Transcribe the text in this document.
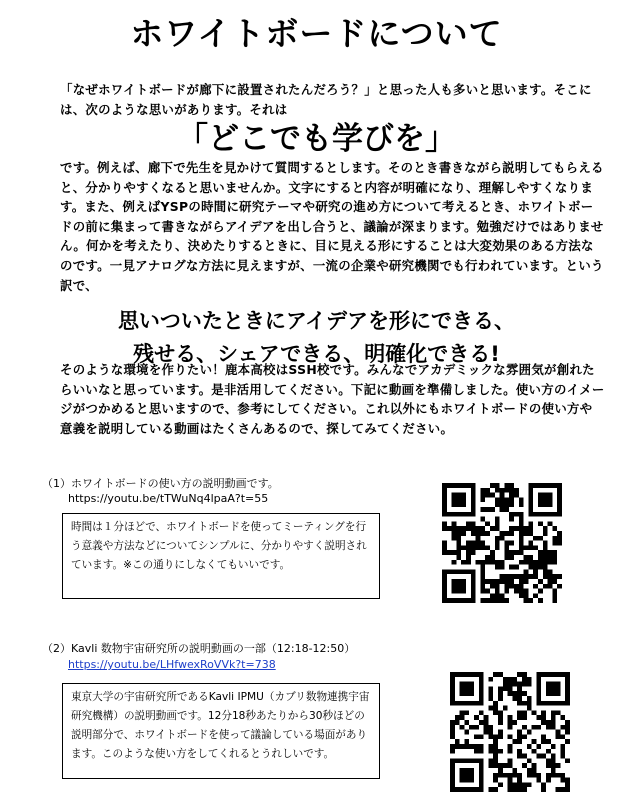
ホワイトボードについて
「なぜホワイトボードが廊下に設置されたんだろう？」と思った人も多いと思います。そこには、次のような思いがあります。それは
「どこでも学びを」
です。例えば、廊下で先生を見かけて質問するとします。そのとき書きながら説明してもらえると、分かりやすくなると思いませんか。文字にすると内容が明確になり、理解しやすくなります。また、例えばYSPの時間に研究テーマや研究の進め方について考えるとき、ホワイトボードの前に集まって書きながらアイデアを出し合うと、議論が深まります。勉強だけではありません。何かを考えたり、決めたりするときに、目に見える形にすることは大変効果のある方法なのです。一見アナログな方法に見えますが、一流の企業や研究機関でも行われています。という訳で、
思いついたときにアイデアを形にできる、
残せる、シェアできる、明確化できる!
そのような環境を作りたい！鹿本高校はSSH校です。みんなでアカデミックな雰囲気が創れたらいいなと思っています。是非活用してください。下記に動画を準備しました。使い方のイメージがつかめると思いますので、参考にしてください。これ以外にもホワイトボードの使い方や意義を説明している動画はたくさんあるので、探してみてください。
（1）ホワイトボードの使い方の説明動画です。
https://youtu.be/tTWuNq4lpaA?t=55
時間は１分ほどで、ホワイトボードを使ってミーティングを行う意義や方法などについてシンプルに、分かりやすく説明されています。※この通りにしなくてもいいです。
（2）Kavli 数物宇宙研究所の説明動画の一部（12:18-12:50）
https://youtu.be/LHfwexRoVVk?t=738
東京大学の宇宙研究所であるKavli IPMU（カブリ数物連携宇宙研究機構）の説明動画です。12分18秒あたりから30秒ほどの説明部分で、ホワイトボードを使って議論している場面があります。このような使い方をしてくれるとうれしいです。
